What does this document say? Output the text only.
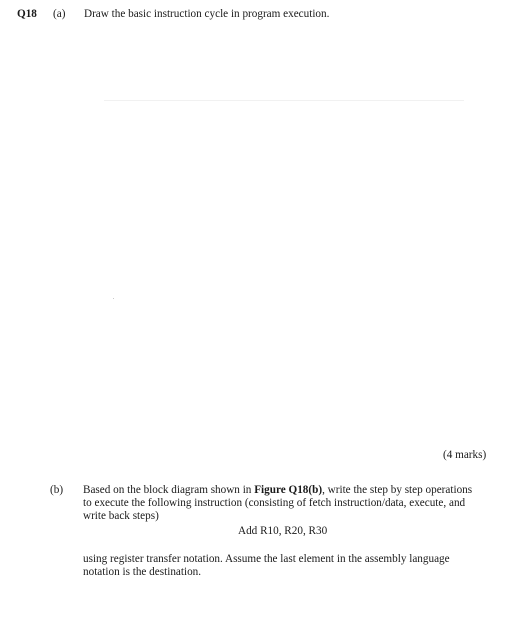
Q18 (a) Draw the basic instruction cycle in program execution.
(4 marks)
(b) Based on the block diagram shown in Figure Q18(b), write the step by step operations
to execute the following instruction (consisting of fetch instruction/data, execute, and
write back steps)
Add R10, R20, R30
using register transfer notation. Assume the last element in the assembly language
notation is the destination.
